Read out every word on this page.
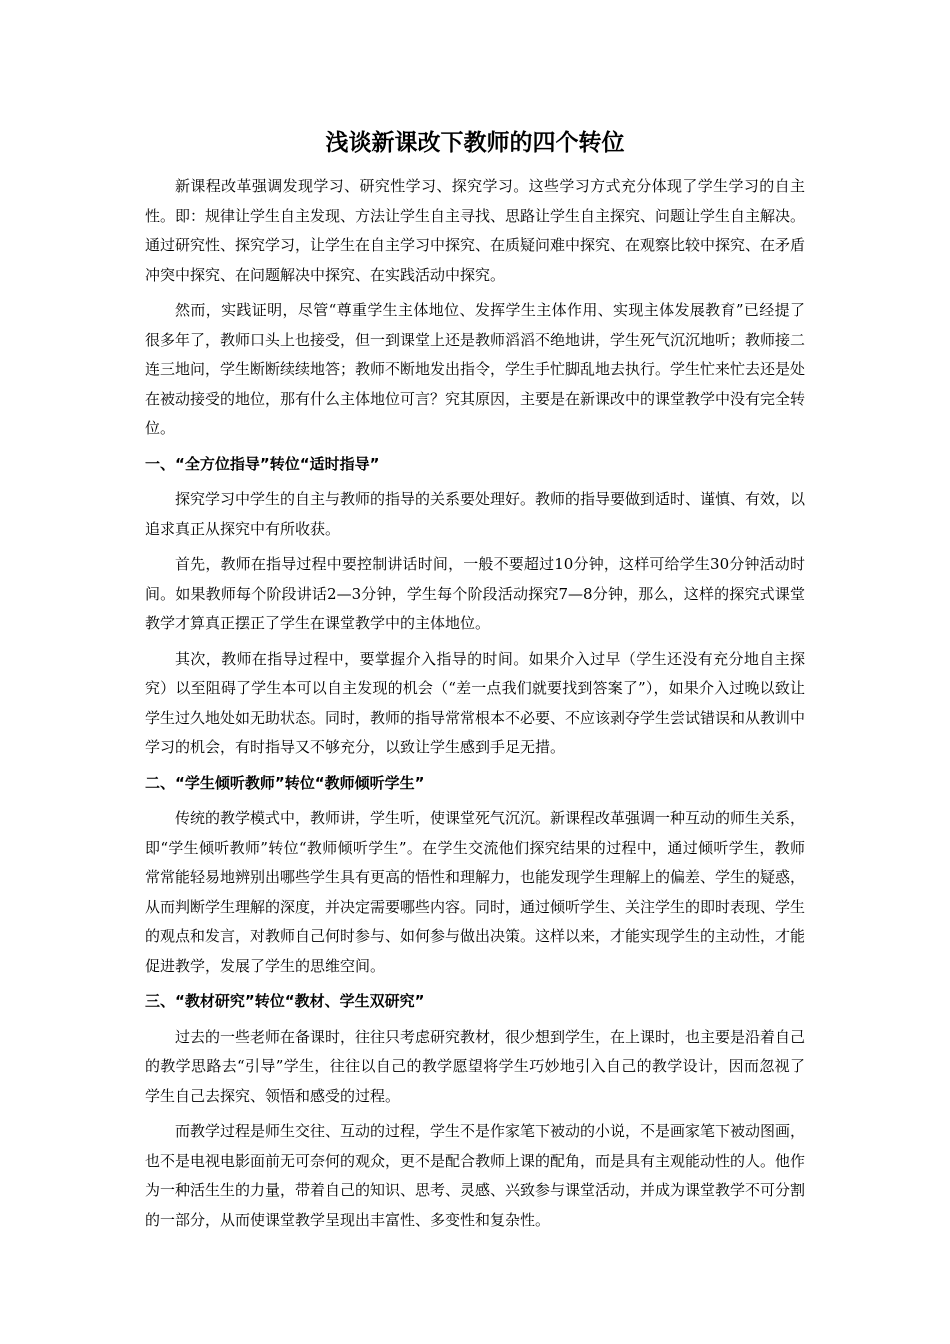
浅谈新课改下教师的四个转位

新课程改革强调发现学习、研究性学习、探究学习。这些学习方式充分体现了学生学习的自主性。即：规律让学生自主发现、方法让学生自主寻找、思路让学生自主探究、问题让学生自主解决。通过研究性、探究学习，让学生在自主学习中探究、在质疑问难中探究、在观察比较中探究、在矛盾冲突中探究、在问题解决中探究、在实践活动中探究。

然而，实践证明，尽管“尊重学生主体地位、发挥学生主体作用、实现主体发展教育”已经提了很多年了，教师口头上也接受，但一到课堂上还是教师滔滔不绝地讲，学生死气沉沉地听；教师接二连三地问，学生断断续续地答；教师不断地发出指令，学生手忙脚乱地去执行。学生忙来忙去还是处在被动接受的地位，那有什么主体地位可言？究其原因，主要是在新课改中的课堂教学中没有完全转位。

一、“全方位指导”转位“适时指导”

探究学习中学生的自主与教师的指导的关系要处理好。教师的指导要做到适时、谨慎、有效，以追求真正从探究中有所收获。

首先，教师在指导过程中要控制讲话时间，一般不要超过10分钟，这样可给学生30分钟活动时间。如果教师每个阶段讲话2—3分钟，学生每个阶段活动探究7—8分钟，那么，这样的探究式课堂教学才算真正摆正了学生在课堂教学中的主体地位。

其次，教师在指导过程中，要掌握介入指导的时间。如果介入过早（学生还没有充分地自主探究）以至阻碍了学生本可以自主发现的机会（“差一点我们就要找到答案了”），如果介入过晚以致让学生过久地处如无助状态。同时，教师的指导常常根本不必要、不应该剥夺学生尝试错误和从教训中学习的机会，有时指导又不够充分，以致让学生感到手足无措。

二、“学生倾听教师”转位“教师倾听学生”

传统的教学模式中，教师讲，学生听，使课堂死气沉沉。新课程改革强调一种互动的师生关系，即“学生倾听教师”转位“教师倾听学生”。在学生交流他们探究结果的过程中，通过倾听学生，教师常常能轻易地辨别出哪些学生具有更高的悟性和理解力，也能发现学生理解上的偏差、学生的疑惑，从而判断学生理解的深度，并决定需要哪些内容。同时，通过倾听学生、关注学生的即时表现、学生的观点和发言，对教师自己何时参与、如何参与做出决策。这样以来，才能实现学生的主动性，才能促进教学，发展了学生的思维空间。

三、“教材研究”转位“教材、学生双研究”

过去的一些老师在备课时，往往只考虑研究教材，很少想到学生，在上课时，也主要是沿着自己的教学思路去“引导”学生，往往以自己的教学愿望将学生巧妙地引入自己的教学设计，因而忽视了学生自己去探究、领悟和感受的过程。

而教学过程是师生交往、互动的过程，学生不是作家笔下被动的小说，不是画家笔下被动图画，也不是电视电影面前无可奈何的观众，更不是配合教师上课的配角，而是具有主观能动性的人。他作为一种活生生的力量，带着自己的知识、思考、灵感、兴致参与课堂活动，并成为课堂教学不可分割的一部分，从而使课堂教学呈现出丰富性、多变性和复杂性。
